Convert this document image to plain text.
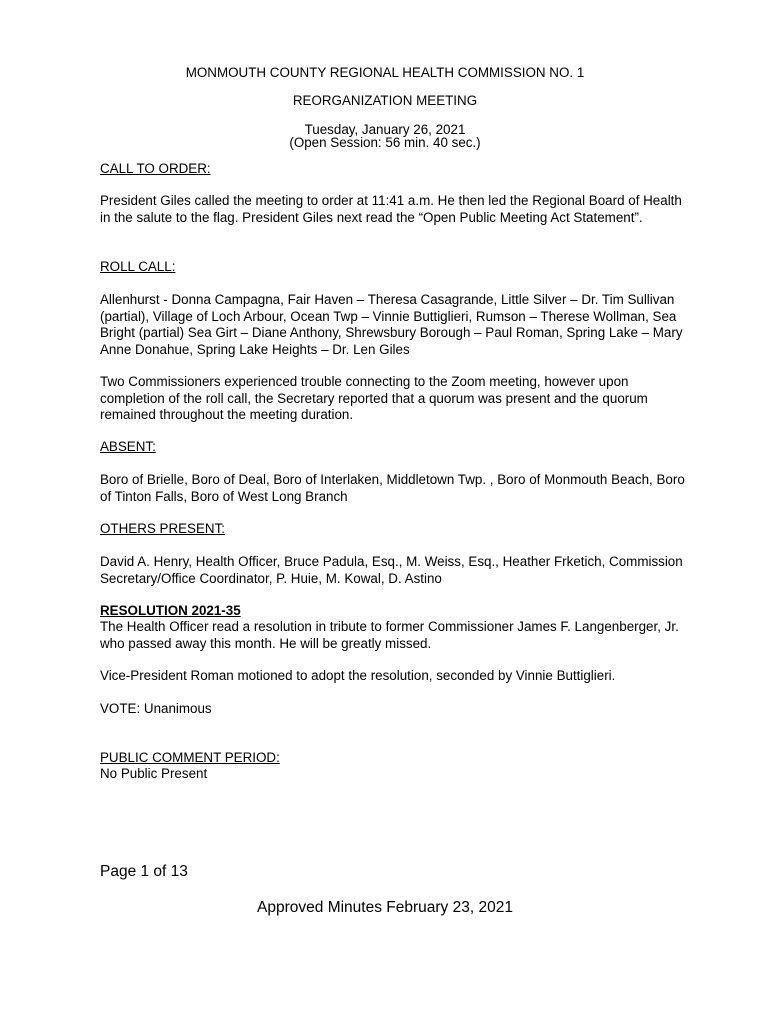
MONMOUTH COUNTY REGIONAL HEALTH COMMISSION NO. 1

REORGANIZATION MEETING

Tuesday, January 26, 2021

(Open Session: 56 min. 40 sec.)

CALL TO ORDER:

President Giles called the meeting to order at 11:41 a.m. He then led the Regional Board of Health in the salute to the flag. President Giles next read the “Open Public Meeting Act Statement”.

ROLL CALL:

Allenhurst - Donna Campagna, Fair Haven – Theresa Casagrande, Little Silver – Dr. Tim Sullivan (partial), Village of Loch Arbour, Ocean Twp – Vinnie Buttiglieri, Rumson – Therese Wollman, Sea Bright (partial) Sea Girt – Diane Anthony, Shrewsbury Borough – Paul Roman, Spring Lake – Mary Anne Donahue, Spring Lake Heights – Dr. Len Giles

Two Commissioners experienced trouble connecting to the Zoom meeting, however upon completion of the roll call, the Secretary reported that a quorum was present and the quorum remained throughout the meeting duration.

ABSENT:

Boro of Brielle, Boro of Deal, Boro of Interlaken, Middletown Twp. , Boro of Monmouth Beach, Boro of Tinton Falls, Boro of West Long Branch

OTHERS PRESENT:

David A. Henry, Health Officer, Bruce Padula, Esq., M. Weiss, Esq., Heather Frketich, Commission Secretary/Office Coordinator, P. Huie, M. Kowal, D. Astino

RESOLUTION 2021-35

The Health Officer read a resolution in tribute to former Commissioner James F. Langenberger, Jr. who passed away this month. He will be greatly missed.

Vice-President Roman motioned to adopt the resolution, seconded by Vinnie Buttiglieri.

VOTE: Unanimous

PUBLIC COMMENT PERIOD:

No Public Present

Page 1 of 13

Approved Minutes February 23, 2021
